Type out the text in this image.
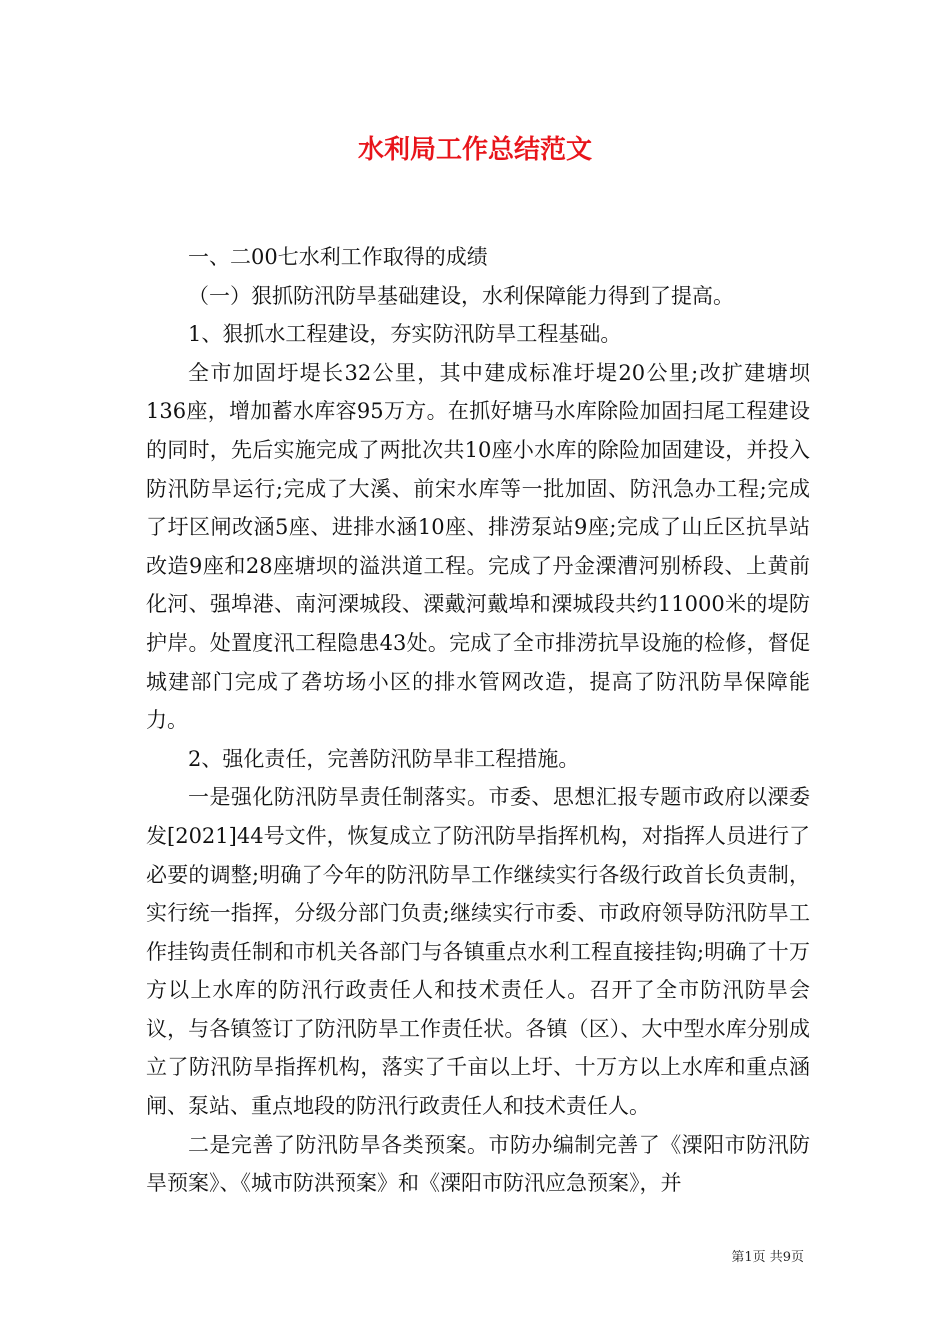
水利局工作总结范文

一、二00七水利工作取得的成绩

（一）狠抓防汛防旱基础建设，水利保障能力得到了提高。

1、狠抓水工程建设，夯实防汛防旱工程基础。

全市加固圩堤长32公里，其中建成标准圩堤20公里;改扩建塘坝136座，增加蓄水库容95万方。在抓好塘马水库除险加固扫尾工程建设的同时，先后实施完成了两批次共10座小水库的除险加固建设，并投入防汛防旱运行;完成了大溪、前宋水库等一批加固、防汛急办工程;完成了圩区闸改涵5座、进排水涵10座、排涝泵站9座;完成了山丘区抗旱站改造9座和28座塘坝的溢洪道工程。完成了丹金溧漕河别桥段、上黄前化河、强埠港、南河溧城段、溧戴河戴埠和溧城段共约11000米的堤防护岸。处置度汛工程隐患43处。完成了全市排涝抗旱设施的检修，督促城建部门完成了砻坊场小区的排水管网改造，提高了防汛防旱保障能力。

2、强化责任，完善防汛防旱非工程措施。

一是强化防汛防旱责任制落实。市委、思想汇报专题市政府以溧委发[2021]44号文件，恢复成立了防汛防旱指挥机构，对指挥人员进行了必要的调整;明确了今年的防汛防旱工作继续实行各级行政首长负责制，实行统一指挥，分级分部门负责;继续实行市委、市政府领导防汛防旱工作挂钩责任制和市机关各部门与各镇重点水利工程直接挂钩;明确了十万方以上水库的防汛行政责任人和技术责任人。召开了全市防汛防旱会议，与各镇签订了防汛防旱工作责任状。各镇（区）、大中型水库分别成立了防汛防旱指挥机构，落实了千亩以上圩、十万方以上水库和重点涵闸、泵站、重点地段的防汛行政责任人和技术责任人。

二是完善了防汛防旱各类预案。市防办编制完善了《溧阳市防汛防旱预案》、《城市防洪预案》和《溧阳市防汛应急预案》，并

第1页 共9页
